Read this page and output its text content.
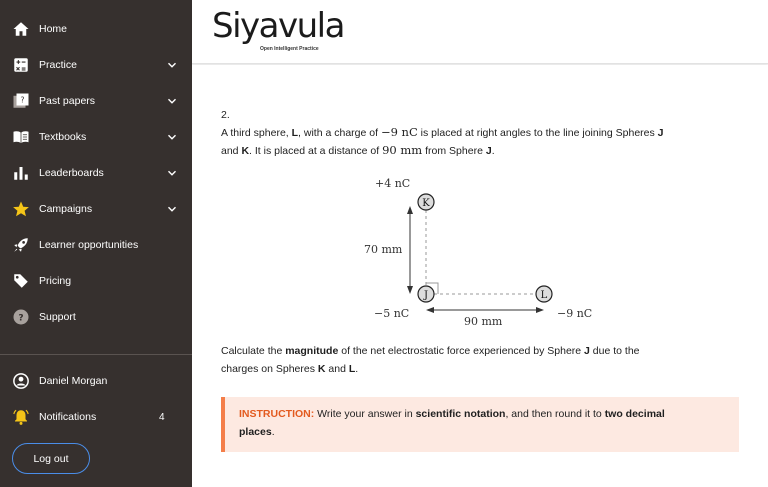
Home
Practice
? Past papers
Textbooks
Leaderboards
Campaigns
Learner opportunities
Pricing
? Support
Daniel Morgan
Notifications	4
Log out
Siyavula
Open Intelligent Practice
2.
A third sphere, L, with a charge of −9 nC is placed at right angles to the line joining Spheres J
and K. It is placed at a distance of 90 mm from Sphere J.
K
J	L
+4 nC
−5 nC	−9 nC
70 mm
90 mm
Calculate the magnitude of the net electrostatic force experienced by Sphere J due to the
charges on Spheres K and L.
INSTRUCTION: Write your answer in scientific notation, and then round it to two decimal
places.
